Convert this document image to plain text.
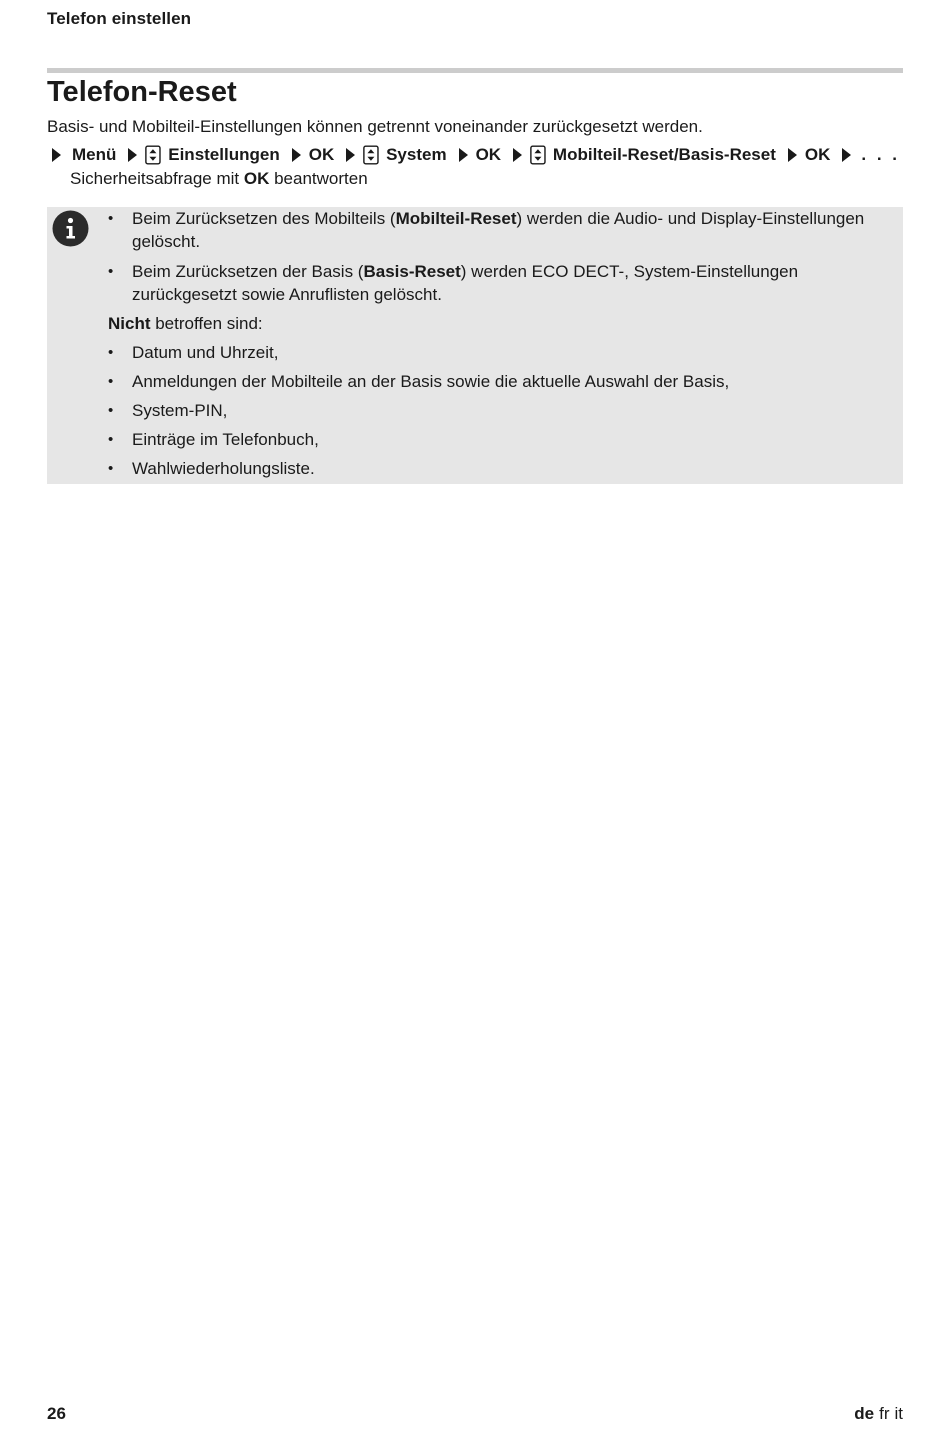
Telefon einstellen
Telefon-Reset
Basis- und Mobilteil-Einstellungen können getrennt voneinander zurückgesetzt werden.
Menü	Einstellungen OK	System OK	Mobilteil-Reset/Basis-Reset OK . . .
Sicherheitsabfrage mit OK beantworten
• Beim Zurücksetzen des Mobilteils (Mobilteil-Reset) werden die Audio- und Display-Einstellungen gelöscht.
• Beim Zurücksetzen der Basis (Basis-Reset) werden ECO DECT-, System-Einstellungen zurückgesetzt sowie Anruflisten gelöscht.
Nicht betroffen sind:
• Datum und Uhrzeit,
• Anmeldungen der Mobilteile an der Basis sowie die aktuelle Auswahl der Basis,
• System-PIN,
• Einträge im Telefonbuch,
• Wahlwiederholungsliste.
26	de fr it
